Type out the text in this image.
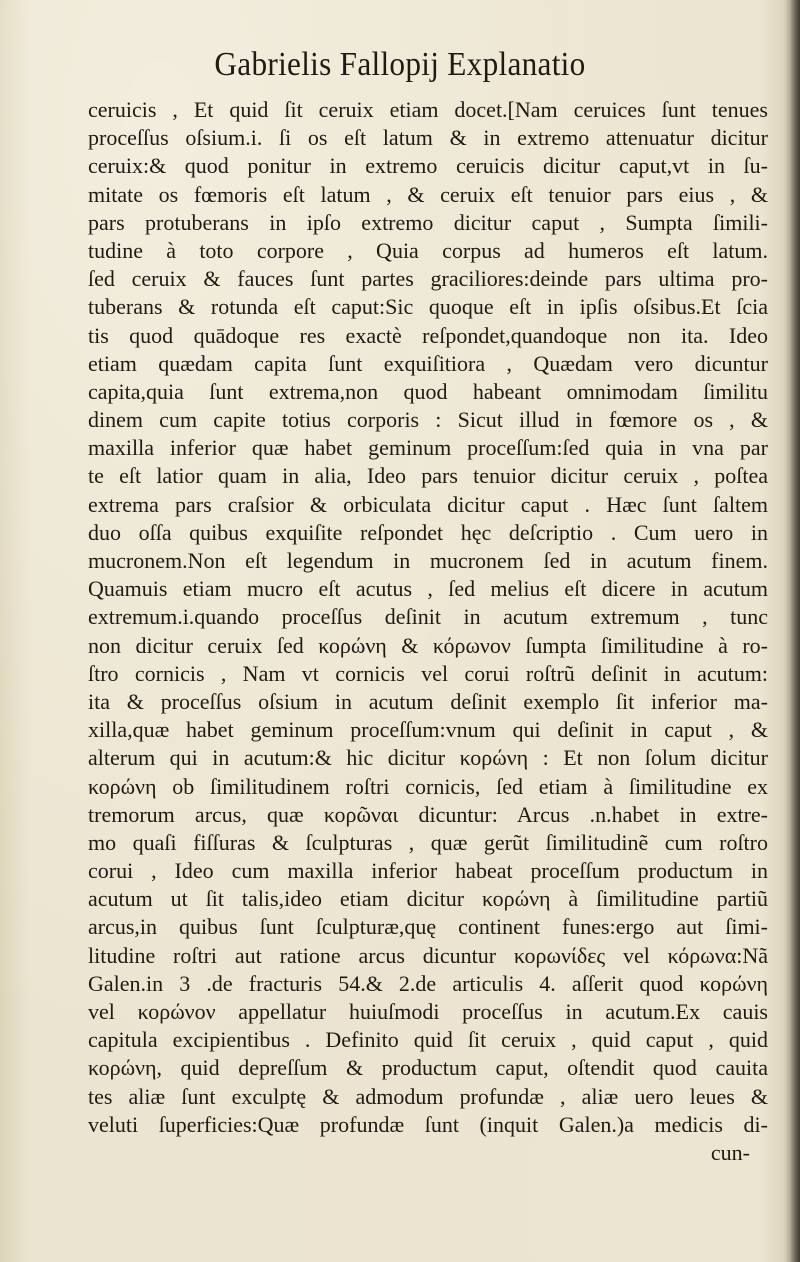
Gabrielis Fallopij Explanatio
ceruicis , Et quid ſit ceruix etiam docet.[Nam ceruices ſunt tenues
proceſſus oſsium.i. ſi os eſt latum & in extremo attenuatur dicitur
ceruix:& quod ponitur in extremo ceruicis dicitur caput,vt in ſu-
mitate os fœmoris eſt latum , & ceruix eſt tenuior pars eius , &
pars protuberans in ipſo extremo dicitur caput , Sumpta ſimili-
tudine à toto corpore , Quia corpus ad humeros eſt latum.
ſed ceruix & fauces ſunt partes graciliores:deinde pars ultima pro-
tuberans & rotunda eſt caput:Sic quoque eſt in ipſis oſsibus.Et ſcia
tis quod quādoque res exactè reſpondet,quandoque non ita. Ideo
etiam quædam capita ſunt exquiſitiora , Quædam vero dicuntur
capita,quia ſunt extrema,non quod habeant omnimodam ſimilitu
dinem cum capite totius corporis : Sicut illud in fœmore os , &
maxilla inferior quæ habet geminum proceſſum:ſed quia in vna par
te eſt latior quam in alia, Ideo pars tenuior dicitur ceruix , poſtea
extrema pars craſsior & orbiculata dicitur caput . Hæc ſunt ſaltem
duo oſſa quibus exquiſite reſpondet hęc deſcriptio . Cum uero in
mucronem.Non eſt legendum in mucronem ſed in acutum finem.
Quamuis etiam mucro eſt acutus , ſed melius eſt dicere in acutum
extremum.i.quando proceſſus deſinit in acutum extremum , tunc
non dicitur ceruix ſed κορώνη & κόρωνον ſumpta ſimilitudine à ro-
ſtro cornicis , Nam vt cornicis vel corui roſtrũ deſinit in acutum:
ita & proceſſus oſsium in acutum deſinit exemplo ſit inferior ma-
xilla,quæ habet geminum proceſſum:vnum qui deſinit in caput , &
alterum qui in acutum:& hic dicitur κορώνη : Et non ſolum dicitur
κορώνη ob ſimilitudinem roſtri cornicis, ſed etiam à ſimilitudine ex
tremorum arcus, quæ κορῶναι dicuntur: Arcus .n.habet in extre-
mo quaſi fiſſuras & ſculpturas , quæ gerũt ſimilitudinẽ cum roſtro
corui , Ideo cum maxilla inferior habeat proceſſum productum in
acutum ut ſit talis,ideo etiam dicitur κορώνη à ſimilitudine partiũ
arcus,in quibus ſunt ſculpturæ,quę continent funes:ergo aut ſimi-
litudine roſtri aut ratione arcus dicuntur κορωνίδες vel κόρωνα:Nã
Galen.in 3 .de fracturis 54.& 2.de articulis 4. aſſerit quod κορώνη
vel κορώνον appellatur huiuſmodi proceſſus in acutum.Ex cauis
capitula excipientibus . Definito quid ſit ceruix , quid caput , quid
κορώνη, quid depreſſum & productum caput, oſtendit quod cauita
tes aliæ ſunt exculptę & admodum profundæ , aliæ uero leues &
veluti ſuperficies:Quæ profundæ ſunt (inquit Galen.)a medicis di-
cun-
